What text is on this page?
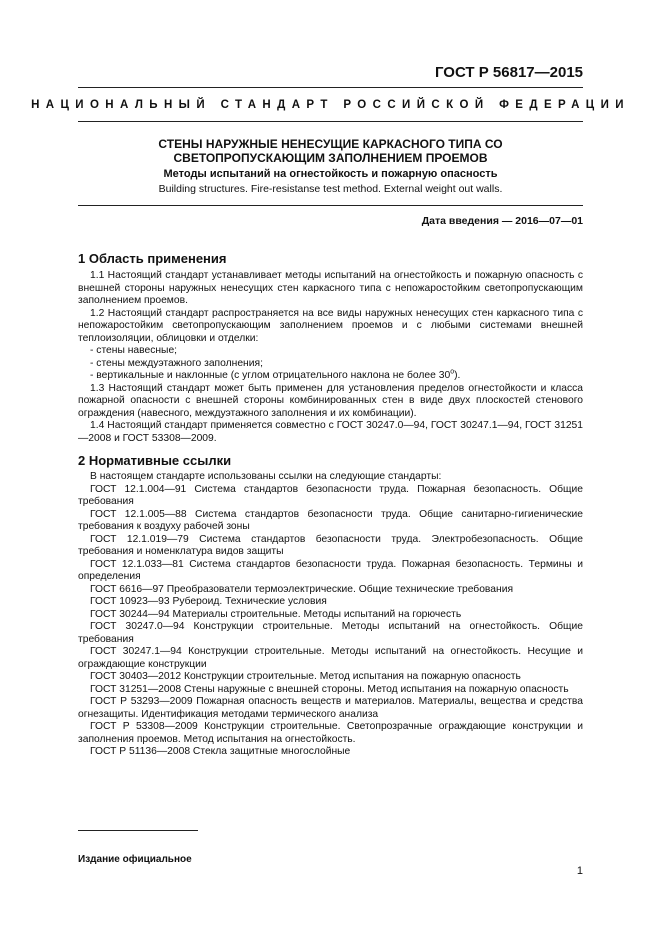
ГОСТ Р 56817—2015
НАЦИОНАЛЬНЫЙ СТАНДАРТ РОССИЙСКОЙ ФЕДЕРАЦИИ
СТЕНЫ НАРУЖНЫЕ НЕНЕСУЩИЕ КАРКАСНОГО ТИПА СО
СВЕТОПРОПУСКАЮЩИМ ЗАПОЛНЕНИЕМ ПРОЕМОВ
Методы испытаний на огнестойкость и пожарную опасность
Building structures. Fire-resistanse test method. External weight out walls.
Дата введения — 2016—07—01
1 Область применения

1.1 Настоящий стандарт устанавливает методы испытаний на огнестойкость и пожарную опасность с внешней стороны наружных ненесущих стен каркасного типа с непожаростойким светопропускающим заполнением проемов.

1.2 Настоящий стандарт распространяется на все виды наружных ненесущих стен каркасного типа с непожаростойким светопропускающим заполнением проемов и с любыми системами внешней теплоизоляции, облицовки и отделки:

- стены навесные;

- стены междуэтажного заполнения;

- вертикальные и наклонные (с углом отрицательного наклона не более 30$^o$).

1.3 Настоящий стандарт может быть применен для установления пределов огнестойкости и класса пожарной опасности с внешней стороны комбинированных стен в виде двух плоскостей стенового ограждения (навесного, междуэтажного заполнения и их комбинации).

1.4 Настоящий стандарт применяется совместно с ГОСТ 30247.0—94, ГОСТ 30247.1—94, ГОСТ 31251—2008 и ГОСТ 53308—2009.

2 Нормативные ссылки

В настоящем стандарте использованы ссылки на следующие стандарты:

ГОСТ 12.1.004—91 Система стандартов безопасности труда. Пожарная безопасность. Общие требования

ГОСТ 12.1.005—88 Система стандартов безопасности труда. Общие санитарно-гигиенические требования к воздуху рабочей зоны

ГОСТ 12.1.019—79 Система стандартов безопасности труда. Электробезопасность. Общие требования и номенклатура видов защиты

ГОСТ 12.1.033—81 Система стандартов безопасности труда. Пожарная безопасность. Термины и определения

ГОСТ 6616—97 Преобразователи термоэлектрические. Общие технические требования

ГОСТ 10923—93 Рубероид. Технические условия

ГОСТ 30244—94 Материалы строительные. Методы испытаний на горючесть

ГОСТ 30247.0—94 Конструкции строительные. Методы испытаний на огнестойкость. Общие требования

ГОСТ 30247.1—94 Конструкции строительные. Методы испытаний на огнестойкость. Несущие и ограждающие конструкции

ГОСТ 30403—2012 Конструкции строительные. Метод испытания на пожарную опасность

ГОСТ 31251—2008 Стены наружные с внешней стороны. Метод испытания на пожарную опасность

ГОСТ Р 53293—2009 Пожарная опасность веществ и материалов. Материалы, вещества и средства огнезащиты. Идентификация методами термического анализа

ГОСТ Р 53308—2009 Конструкции строительные. Светопрозрачные ограждающие конструкции и заполнения проемов. Метод испытания на огнестойкость.

ГОСТ Р 51136—2008 Стекла защитные многослойные

Издание официальное
1
